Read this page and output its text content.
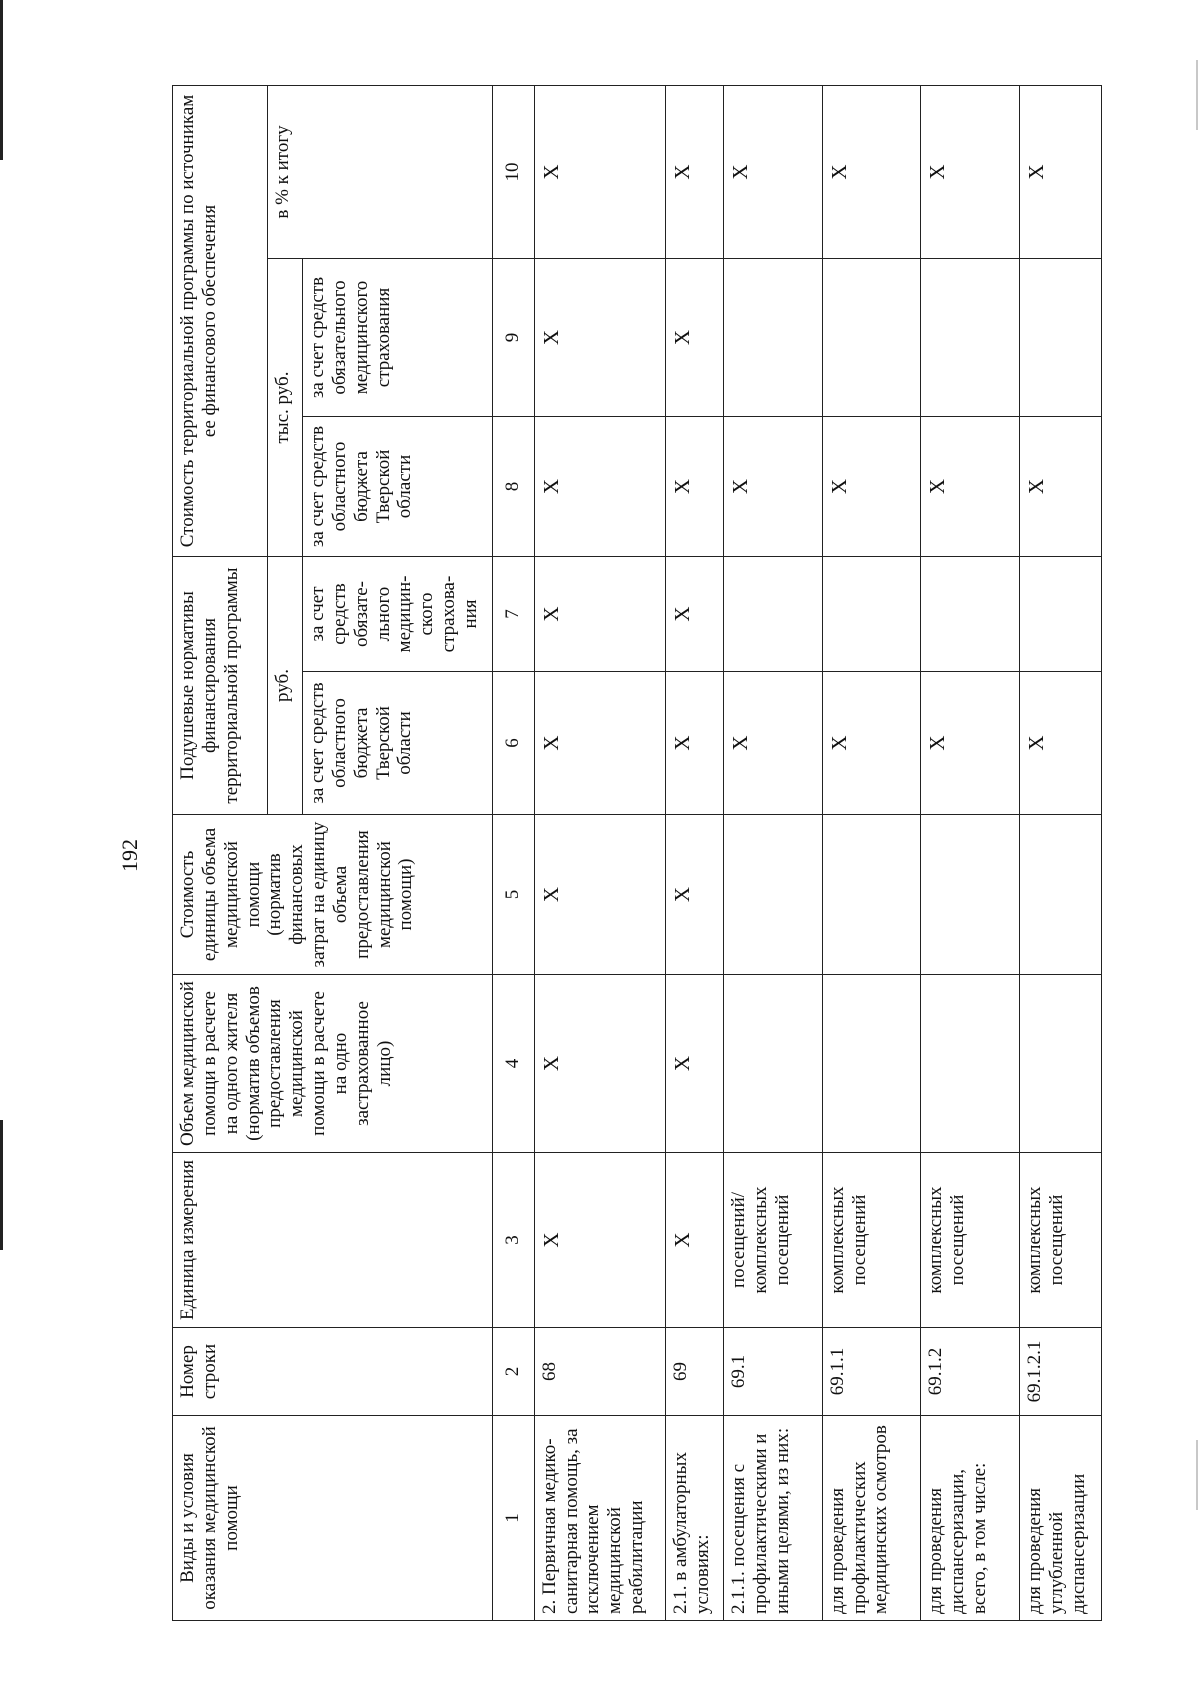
192
Виды и условия оказания медицинской помощи	Номер строки	Единица измерения	Объем медицинской помощи в расчете на одного жителя (норматив объемов предоставления медицинской помощи в расчете на одно застрахованное лицо)	Стоимость единицы объема медицинской помощи (норматив финансовых затрат на единицу объема предоставления медицинской помощи)	Подушевые нормативы финансирования территориальной программы		Стоимость территориальной программы по источникам ее финансового обеспечения		
					руб.		тыс. руб.		в % к итогу
					за счет средств областного бюджета Тверской области	за счет средств обязате-льного медицин-ского страхова-ния	за счет средств областного бюджета Тверской области	за счет средств обязательного медицинского страхования	
1	2	3	4	5	6	7	8	9	10
2. Первичная медико-санитарная помощь, за исключением медицинской реабилитации	68	X	X	X	X	X	X	X	X
2.1. в амбулаторных условиях:	69	X	X	X	X	X	X	X	X
2.1.1. посещения с профилактическими и иными целями, из них:	69.1	посещений/ комплексных посещений			X		X		X
для проведения профилактических медицинских осмотров	69.1.1	комплексных посещений			X		X		X
для проведения диспансеризации, всего, в том числе:	69.1.2	комплексных посещений			X		X		X
для проведения углубленной диспансеризации	69.1.2.1	комплексных посещений			X		X		X
